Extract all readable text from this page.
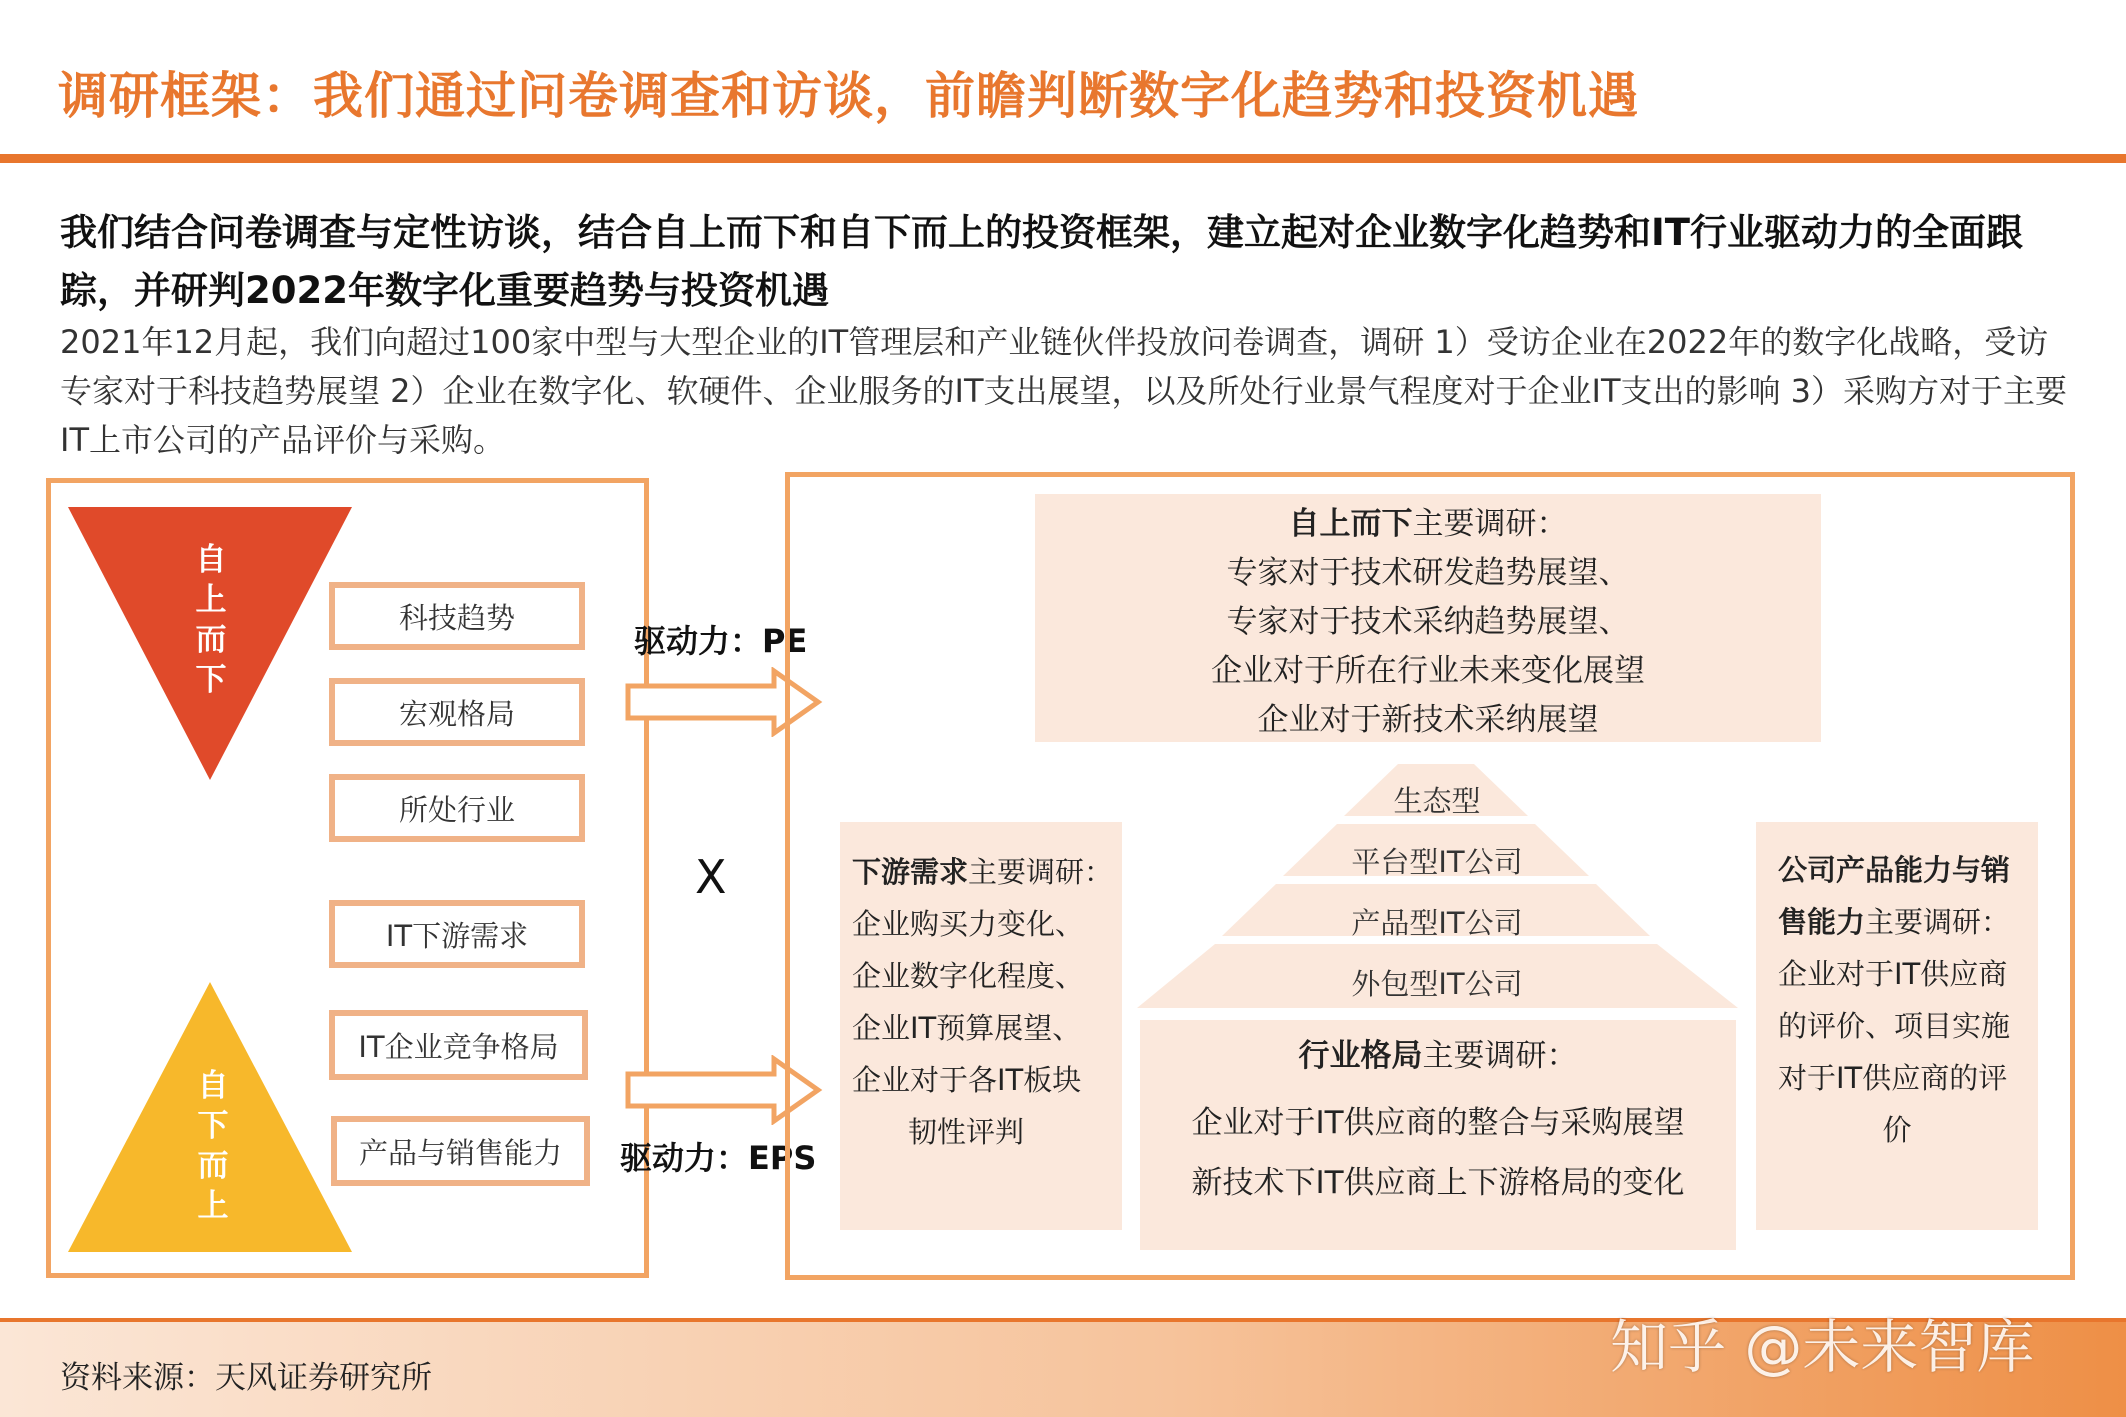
调研框架：我们通过问卷调查和访谈，前瞻判断数字化趋势和投资机遇
我们结合问卷调查与定性访谈，结合自上而下和自下而上的投资框架，建立起对企业数字化趋势和IT行业驱动力的全面跟踪，并研判2022年数字化重要趋势与投资机遇
2021年12月起，我们向超过100家中型与大型企业的IT管理层和产业链伙伴投放问卷调查，调研 1）受访企业在2022年的数字化战略，受访专家对于科技趋势展望 2）企业在数字化、软硬件、企业服务的IT支出展望，以及所处行业景气程度对于企业IT支出的影响 3）采购方对于主要IT上市公司的产品评价与采购。
自
上
而
下
自
下
而
上
科技趋势
宏观格局
所处行业
IT下游需求
IT企业竞争格局
产品与销售能力
驱动力：PE
X
驱动力：EPS
自上而下主要调研：
专家对于技术研发趋势展望、
专家对于技术采纳趋势展望、
企业对于所在行业未来变化展望
企业对于新技术采纳展望
下游需求主要调研：
企业购买力变化、
企业数字化程度、
企业IT预算展望、
企业对于各IT板块
韧性评判
公司产品能力与销售能力主要调研：
企业对于IT供应商
的评价、项目实施
对于IT供应商的评
价
生态型
平台型IT公司
产品型IT公司
外包型IT公司
行业格局主要调研：
企业对于IT供应商的整合与采购展望
新技术下IT供应商上下游格局的变化
资料来源：天风证券研究所	知乎 @未来智库
